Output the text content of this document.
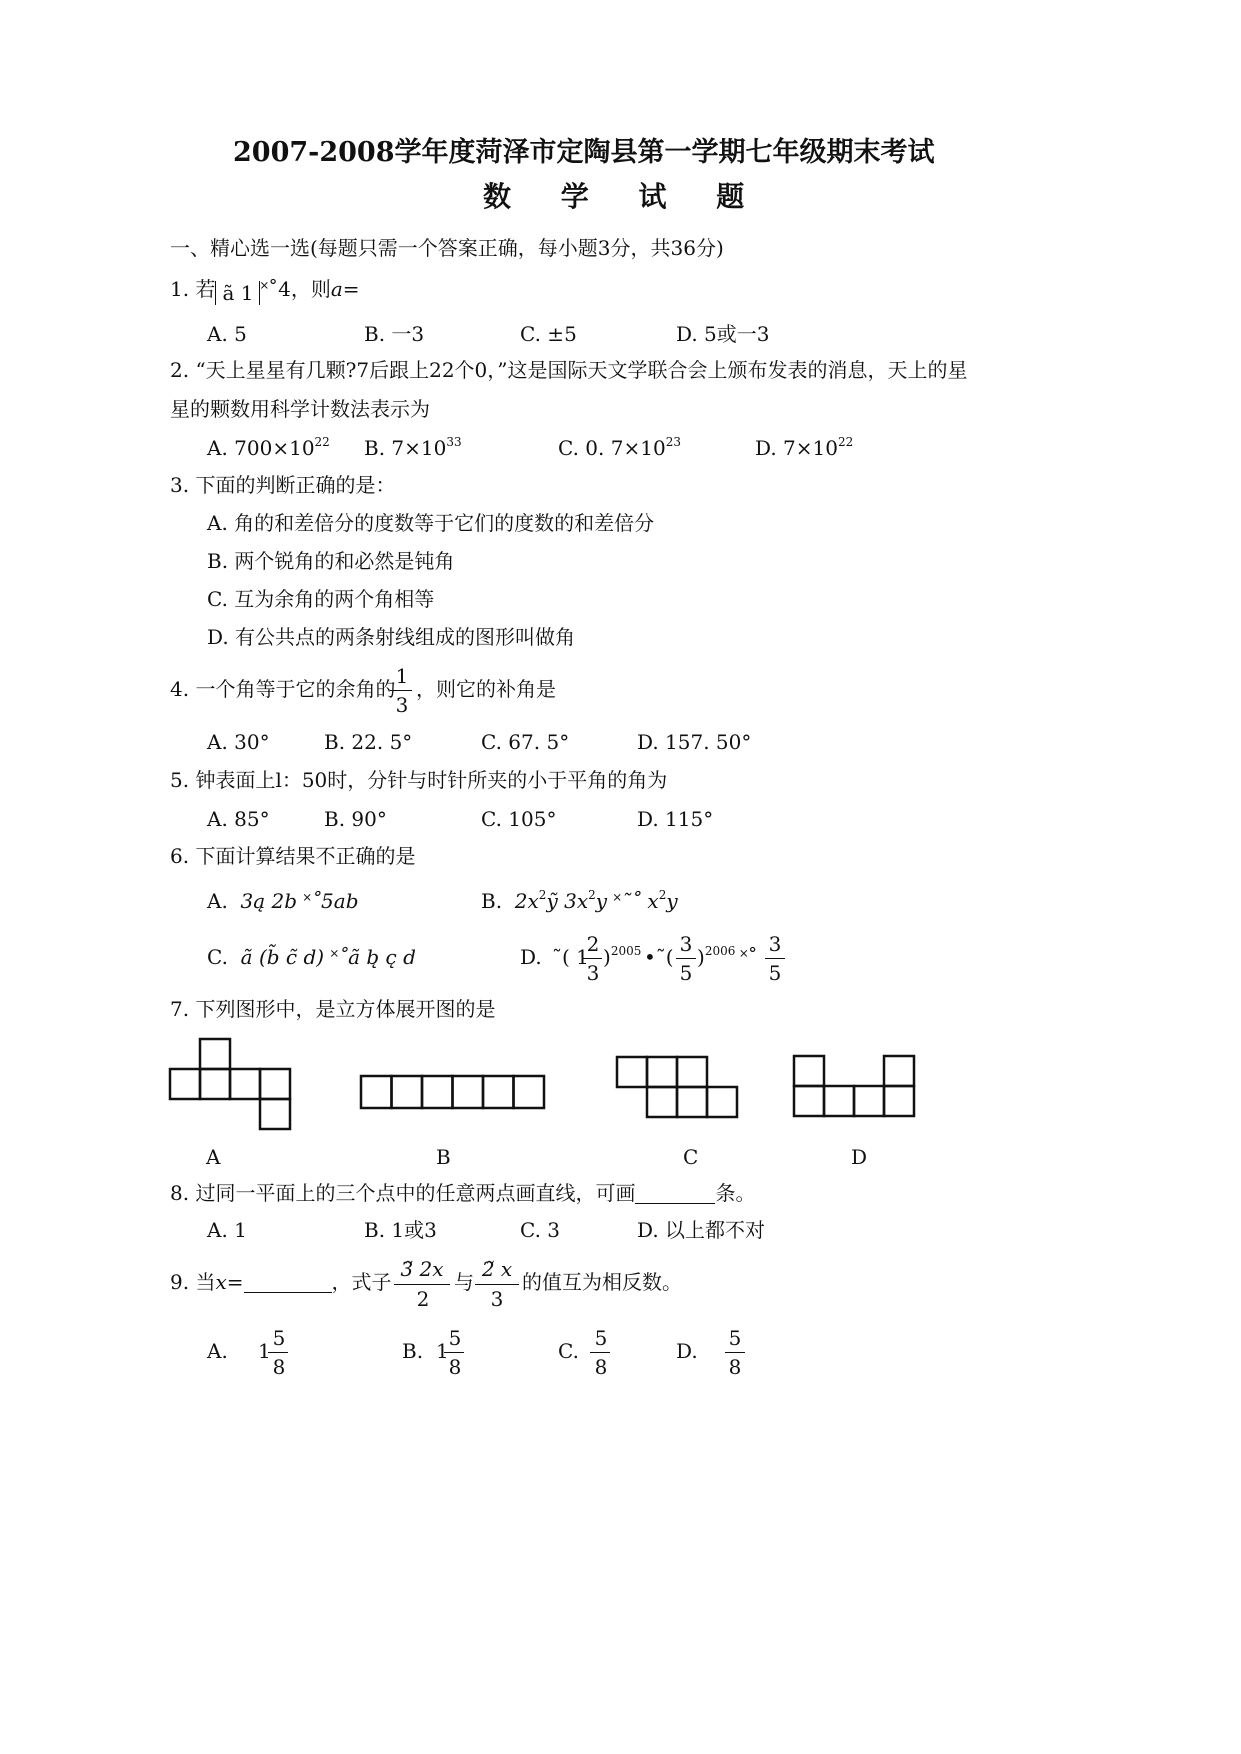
2007-2008学年度菏泽市定陶县第一学期七年级期末考试
数 学 试 题
一、精心选一选(每题只需一个答案正确，每小题3分，共36分)
1. 若 ã 1 ˟˚4，则a=
A. 5	B. 一3	C. ±5	D. 5或一3
2. “天上星星有几颗?7后跟上22个0，”这是国际天文学联合会上颁布发表的消息，天上的星
星的颗数用科学计数法表示为
A. $700\times 10^{22}$ B. $7\times 10^{33}$	C. 0. $7\times 10^{23}$	D. $7\times 10^{22}$
3. 下面的判断正确的是：
A. 角的和差倍分的度数等于它们的度数的和差倍分
B. 两个锐角的和必然是钝角
C. 互为余角的两个角相等
D. 有公共点的两条射线组成的图形叫做角
4. 一个角等于它的余角的
1
3
，则它的补角是
A. 30°	B. 22. 5°	C. 67. 5°	D. 157. 50°
5. 钟表面上l：50时，分针与时针所夹的小于平角的角为
A. 85°	B. 90°	C. 105°	D. 115°
6. 下面计算结果不正确的是
A. 3ą 2b ˟˚5ab	B. $2x^2ỹ$ $3x^2y$ ˟˜˚ $x^2y$
C. ã (b̃ c̃ d) ˟˚ã b̨ c̨ d	D. ˜( 1
2
3
)$^{2005}$ •˜(
3
5
)$^{2006}$ ˟˚
3
5
7. 下列图形中，是立方体展开图的是
A	B	C	D
8. 过同一平面上的三个点中的任意两点画直线，可画	条。
A. 1	B. 1或3	C. 3	D. 以上都不对
9. 当x=	，式子
3̃ 2x
2
与
2̃ x
3
的值互为相反数。
A. 1
5
8
B. 1
5
8
C.
5
8
D.
5
8
